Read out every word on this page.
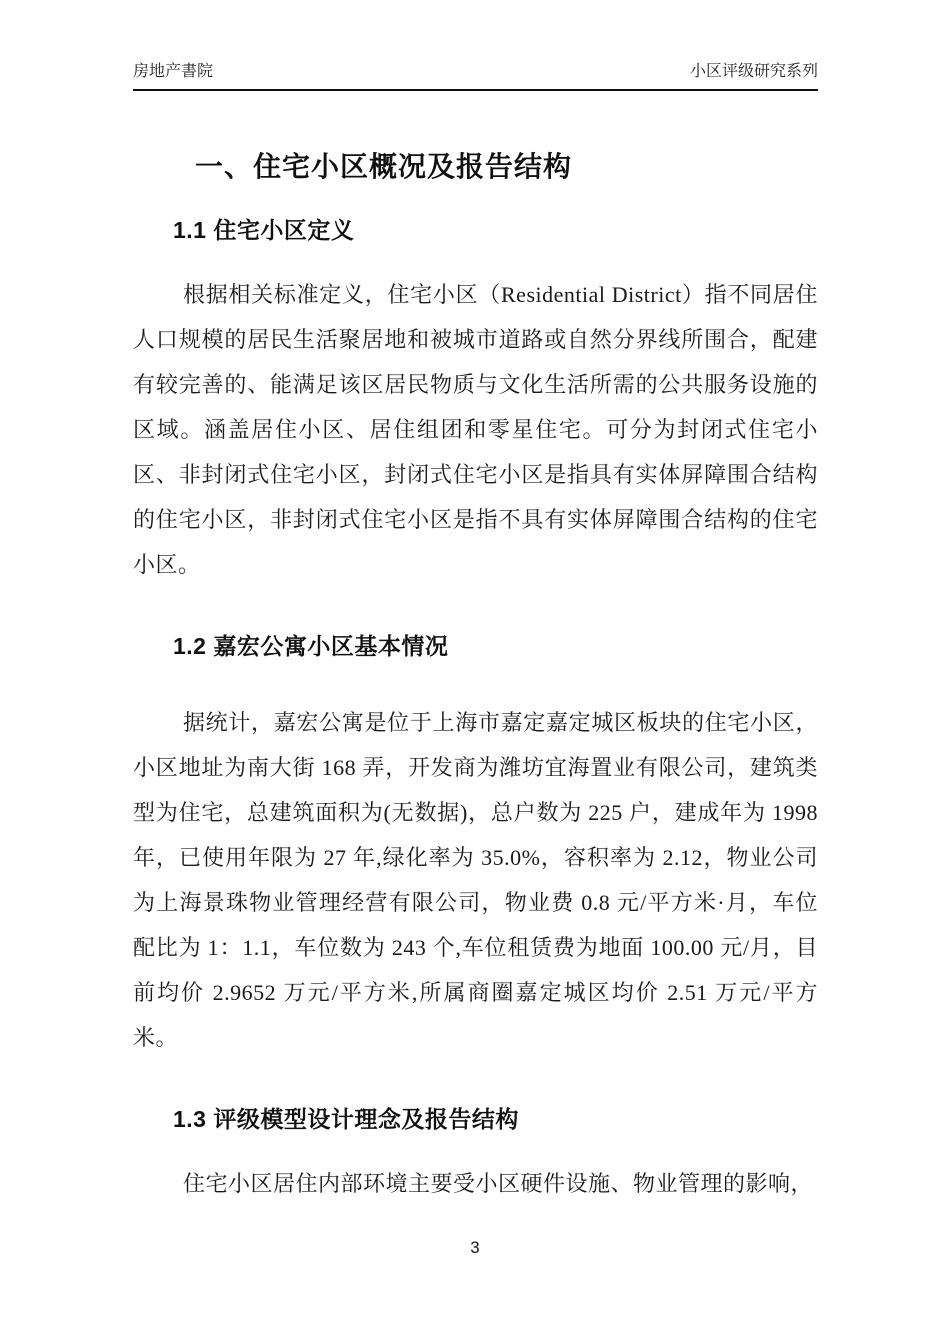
房地产書院	小区评级研究系列
一、住宅小区概况及报告结构
1.1 住宅小区定义

根据相关标准定义，住宅小区（Residential District）指不同居住人口规模的居民生活聚居地和被城市道路或自然分界线所围合，配建有较完善的、能满足该区居民物质与文化生活所需的公共服务设施的区域。涵盖居住小区、居住组团和零星住宅。可分为封闭式住宅小区、非封闭式住宅小区，封闭式住宅小区是指具有实体屏障围合结构的住宅小区，非封闭式住宅小区是指不具有实体屏障围合结构的住宅小区。

1.2 嘉宏公寓小区基本情况

据统计，嘉宏公寓是位于上海市嘉定嘉定城区板块的住宅小区，小区地址为南大街 168 弄，开发商为潍坊宜海置业有限公司，建筑类型为住宅，总建筑面积为(无数据)，总户数为 225 户，建成年为 1998 年，已使用年限为 27 年,绿化率为 35.0%，容积率为 2.12，物业公司为上海景珠物业管理经营有限公司，物业费 0.8 元/平方米·月，车位配比为 1：1.1，车位数为 243 个,车位租赁费为地面 100.00 元/月，目前均价 2.9652 万元/平方米,所属商圈嘉定城区均价 2.51 万元/平方米。

1.3 评级模型设计理念及报告结构

住宅小区居住内部环境主要受小区硬件设施、物业管理的影响，

3
